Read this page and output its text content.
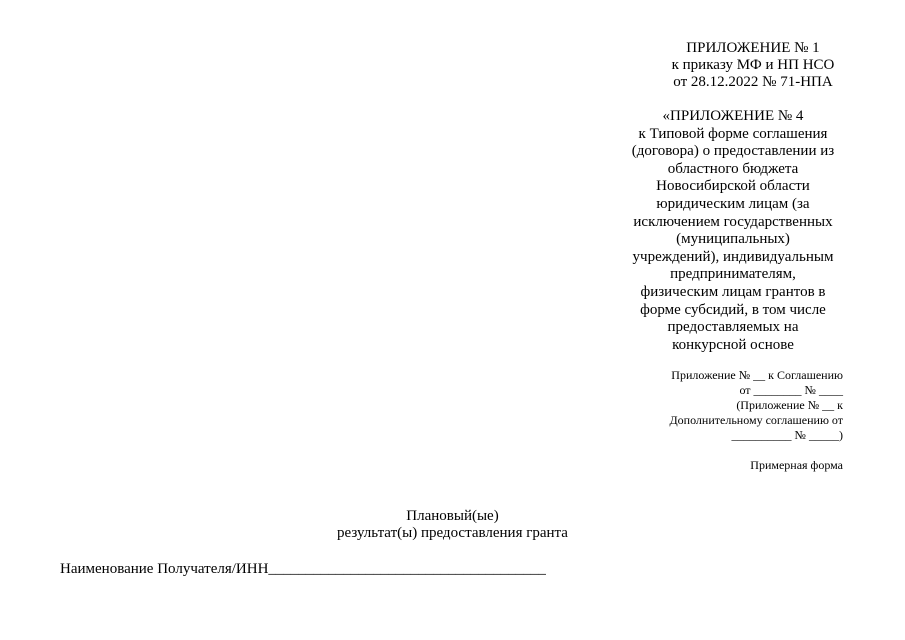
ПРИЛОЖЕНИЕ № 1
к приказу МФ и НП НСО
от 28.12.2022 № 71-НПА
«ПРИЛОЖЕНИЕ № 4
к Типовой форме соглашения
(договора) о предоставлении из
областного бюджета
Новосибирской области
юридическим лицам (за
исключением государственных
(муниципальных)
учреждений), индивидуальным
предпринимателям,
физическим лицам грантов в
форме субсидий, в том числе
предоставляемых на
конкурсной основе
Приложение № __ к Соглашению
от ________ № ____
(Приложение № __ к
Дополнительному соглашению от
__________ № _____)
Примерная форма
Плановый(ые)
результат(ы) предоставления гранта
Наименование Получателя/ИНН_____________________________________
